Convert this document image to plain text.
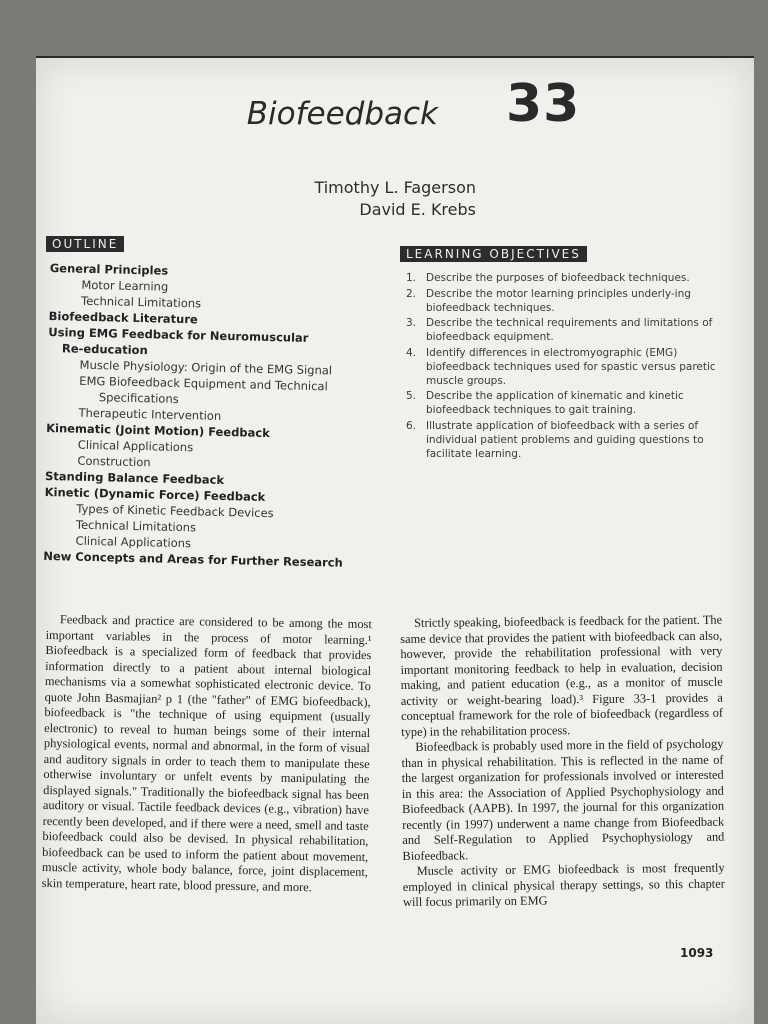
Biofeedback 33
Timothy L. Fagerson
David E. Krebs
OUTLINE
General Principles
Motor Learning
Technical Limitations
Biofeedback Literature
Using EMG Feedback for Neuromuscular
Re-education
Muscle Physiology: Origin of the EMG Signal
EMG Biofeedback Equipment and Technical
Specifications
Therapeutic Intervention
Kinematic (Joint Motion) Feedback
Clinical Applications
Construction
Standing Balance Feedback
Kinetic (Dynamic Force) Feedback
Types of Kinetic Feedback Devices
Technical Limitations
Clinical Applications
New Concepts and Areas for Further Research
LEARNING OBJECTIVES
1. Describe the purposes of biofeedback techniques.
2. Describe the motor learning principles underly-ing biofeedback techniques.
3. Describe the technical requirements and limitations of biofeedback equipment.
4. Identify differences in electromyographic (EMG) biofeedback techniques used for spastic versus paretic muscle groups.
5. Describe the application of kinematic and kinetic biofeedback techniques to gait training.
6. Illustrate application of biofeedback with a series of individual patient problems and guiding questions to facilitate learning.

Feedback and practice are considered to be among the most important variables in the process of motor learning.¹ Biofeedback is a specialized form of feedback that provides information directly to a patient about internal biological mechanisms via a somewhat sophisticated electronic device. To quote John Basmajian² p 1 (the "father" of EMG biofeedback), biofeedback is "the technique of using equipment (usually electronic) to reveal to human beings some of their internal physiological events, normal and abnormal, in the form of visual and auditory signals in order to teach them to manipulate these otherwise involuntary or unfelt events by manipulating the displayed signals." Traditionally the biofeedback signal has been auditory or visual. Tactile feedback devices (e.g., vibration) have recently been developed, and if there were a need, smell and taste biofeedback could also be devised. In physical rehabilitation, biofeedback can be used to inform the patient about movement, muscle activity, whole body balance, force, joint displacement, skin temperature, heart rate, blood pressure, and more.

Strictly speaking, biofeedback is feedback for the patient. The same device that provides the patient with biofeedback can also, however, provide the rehabilitation professional with very important monitoring feedback to help in evaluation, decision making, and patient education (e.g., as a monitor of muscle activity or weight-bearing load).³ Figure 33-1 provides a conceptual framework for the role of biofeedback (regardless of type) in the rehabilitation process.

Biofeedback is probably used more in the field of psychology than in physical rehabilitation. This is reflected in the name of the largest organization for professionals involved or interested in this area: the Association of Applied Psychophysiology and Biofeedback (AAPB). In 1997, the journal for this organization recently (in 1997) underwent a name change from Biofeedback and Self-Regulation to Applied Psychophysiology and Biofeedback.

Muscle activity or EMG biofeedback is most frequently employed in clinical physical therapy settings, so this chapter will focus primarily on EMG

1093
